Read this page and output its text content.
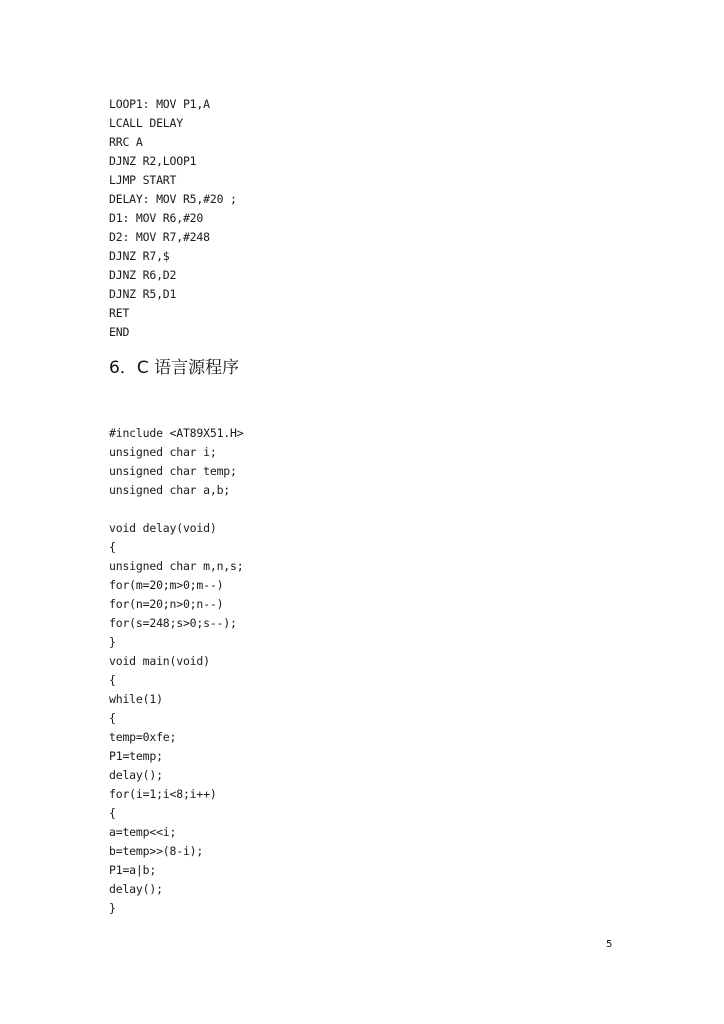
LOOP1: MOV P1,A
LCALL DELAY
RRC A
DJNZ R2,LOOP1
LJMP START
DELAY: MOV R5,#20 ;
D1: MOV R6,#20
D2: MOV R7,#248
DJNZ R7,$
DJNZ R6,D2
DJNZ R5,D1
RET
END
6．C 语言源程序
#include <AT89X51.H>
unsigned char i;
unsigned char temp;
unsigned char a,b;
void delay(void)
{
unsigned char m,n,s;
for(m=20;m>0;m--)
for(n=20;n>0;n--)
for(s=248;s>0;s--);
}
void main(void)
{
while(1)
{
temp=0xfe;
P1=temp;
delay();
for(i=1;i<8;i++)
{
a=temp<<i;
b=temp>>(8-i);
P1=a|b;
delay();
}
5
